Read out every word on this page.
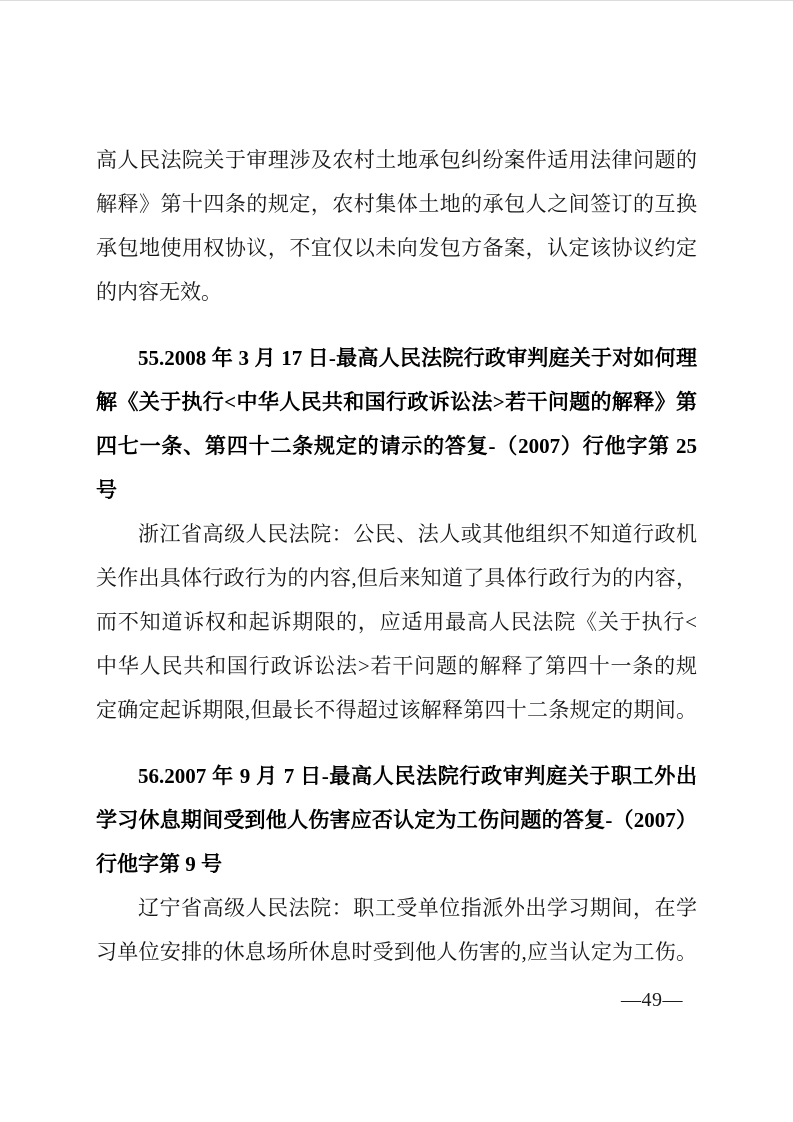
高人民法院关于审理涉及农村土地承包纠纷案件适用法律问题的
解释》第十四条的规定，农村集体土地的承包人之间签订的互换
承包地使用权协议，不宜仅以未向发包方备案，认定该协议约定
的内容无效。
55.2008 年 3 月 17 日-最高人民法院行政审判庭关于对如何理
解《关于执行<中华人民共和国行政诉讼法>若干问题的解释》第
四七一条、第四十二条规定的请示的答复-（2007）行他字第 25
号
浙江省高级人民法院：公民、法人或其他组织不知道行政机
关作出具体行政行为的内容,但后来知道了具体行政行为的内容，
而不知道诉权和起诉期限的，应适用最高人民法院《关于执行<
中华人民共和国行政诉讼法>若干问题的解释了第四十一条的规
定确定起诉期限,但最长不得超过该解释第四十二条规定的期间。
56.2007 年 9 月 7 日-最高人民法院行政审判庭关于职工外出
学习休息期间受到他人伤害应否认定为工伤问题的答复-（2007）
行他字第 9 号
辽宁省高级人民法院：职工受单位指派外出学习期间，在学
习单位安排的休息场所休息时受到他人伤害的,应当认定为工伤。
—49—
